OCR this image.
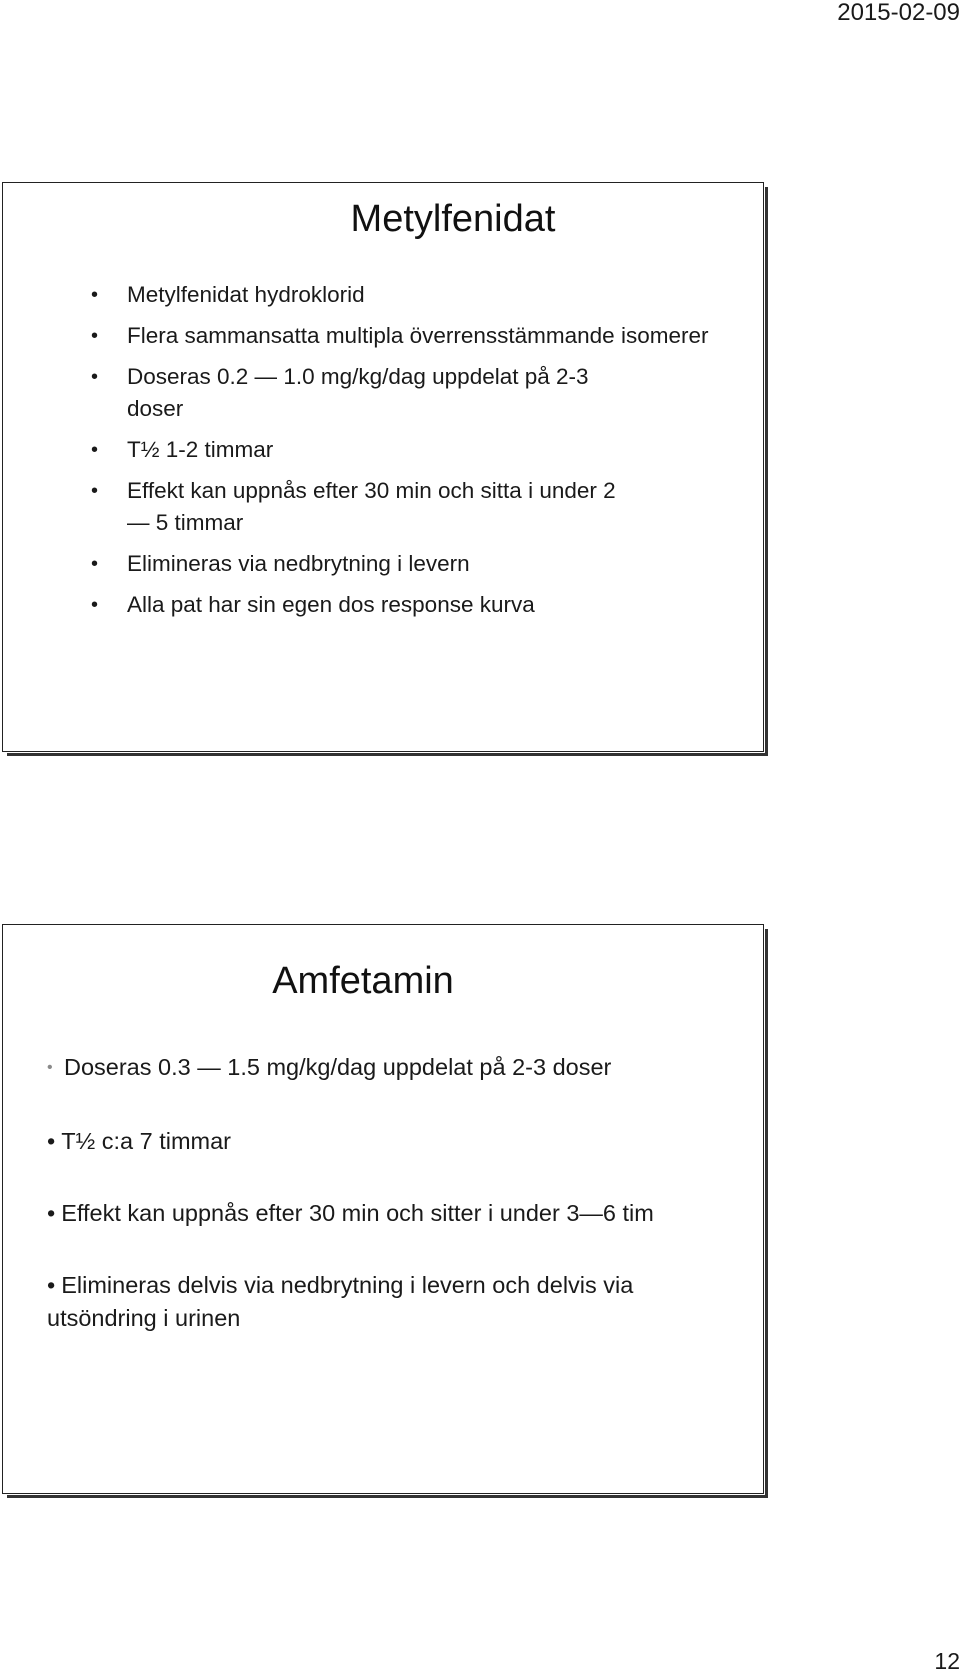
2015-02-09
Metylfenidat
• Metylfenidat hydroklorid
• Flera sammansatta multipla överrensstämmande isomerer
• Doseras 0.2 — 1.0 mg/kg/dag uppdelat på 2-3 doser
• T½ 1-2 timmar
• Effekt kan uppnås efter 30 min och sitta i under 2 — 5 timmar
• Elimineras via nedbrytning i levern
• Alla pat har sin egen dos response kurva
Amfetamin
• Doseras 0.3 — 1.5 mg/kg/dag uppdelat på 2-3 doser
• T½ c:a 7 timmar
• Effekt kan uppnås efter 30 min och sitter i under 3—6 tim
• Elimineras delvis via nedbrytning i levern och delvis via utsöndring i urinen
12
